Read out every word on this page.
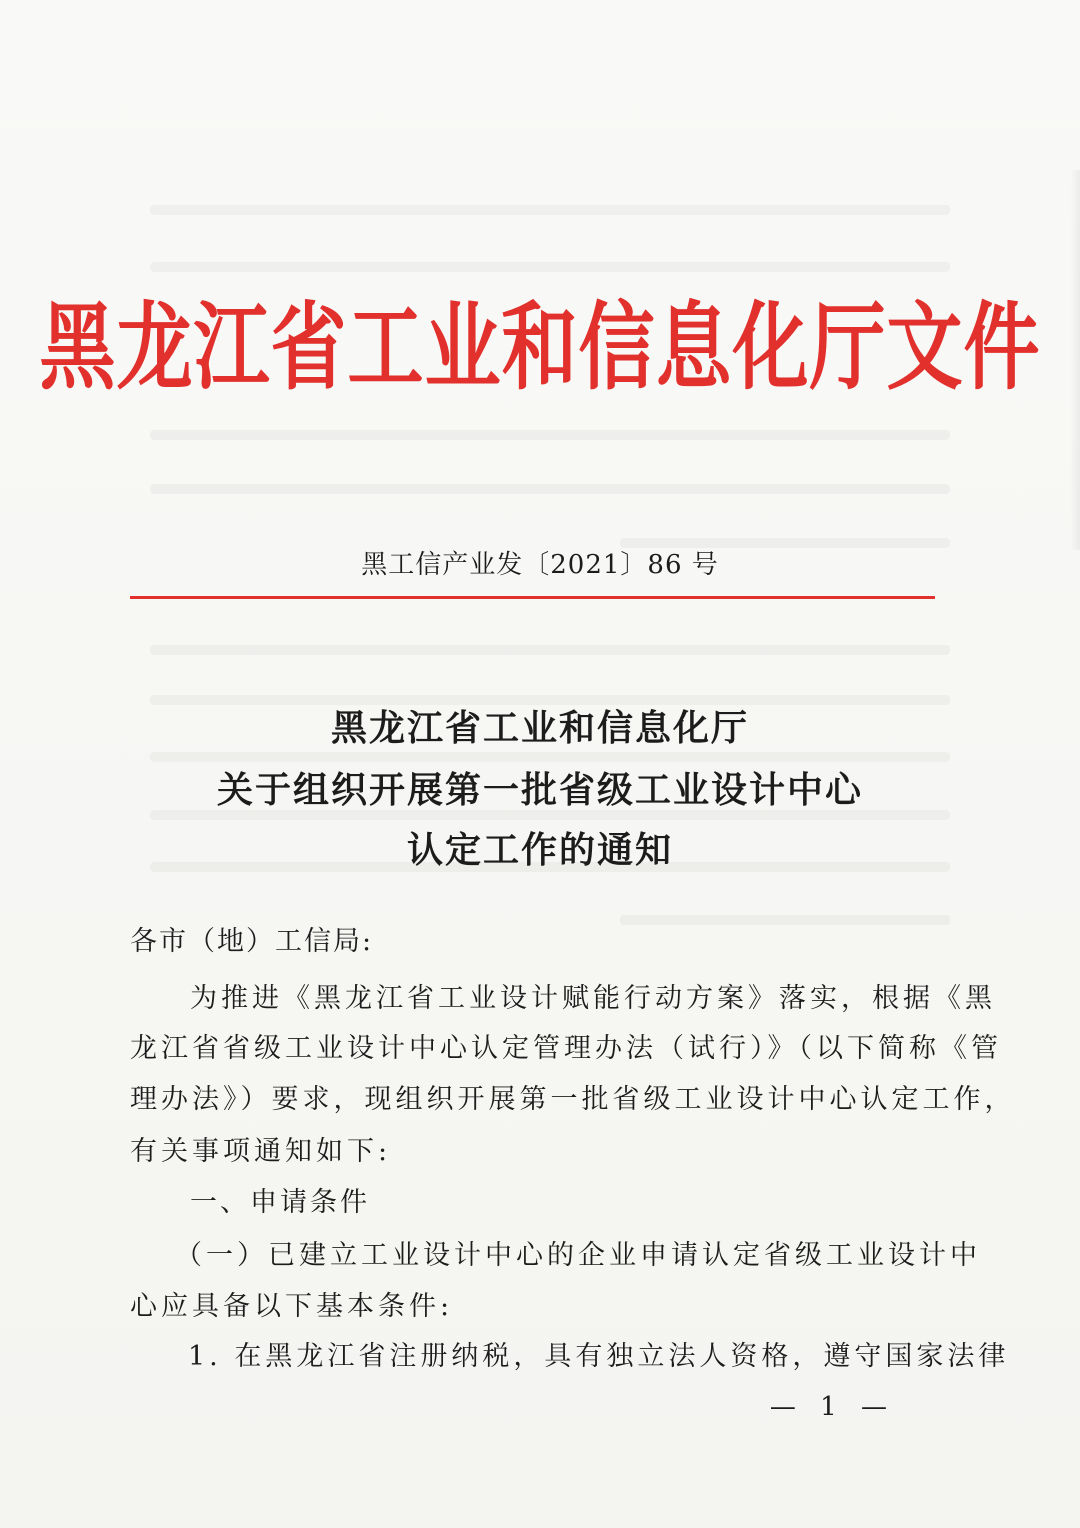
黑龙江省工业和信息化厅文件
黑工信产业发〔2021〕86 号
黑龙江省工业和信息化厅
关于组织开展第一批省级工业设计中心
认定工作的通知
各市（地）工信局:
为推进《黑龙江省工业设计赋能行动方案》落实，根据《黑
龙江省省级工业设计中心认定管理办法（试行）》（以下简称《管
理办法》）要求，现组织开展第一批省级工业设计中心认定工作，
有关事项通知如下:
一、申请条件
（一）已建立工业设计中心的企业申请认定省级工业设计中
心应具备以下基本条件:
1. 在黑龙江省注册纳税，具有独立法人资格，遵守国家法律
— 1 —
